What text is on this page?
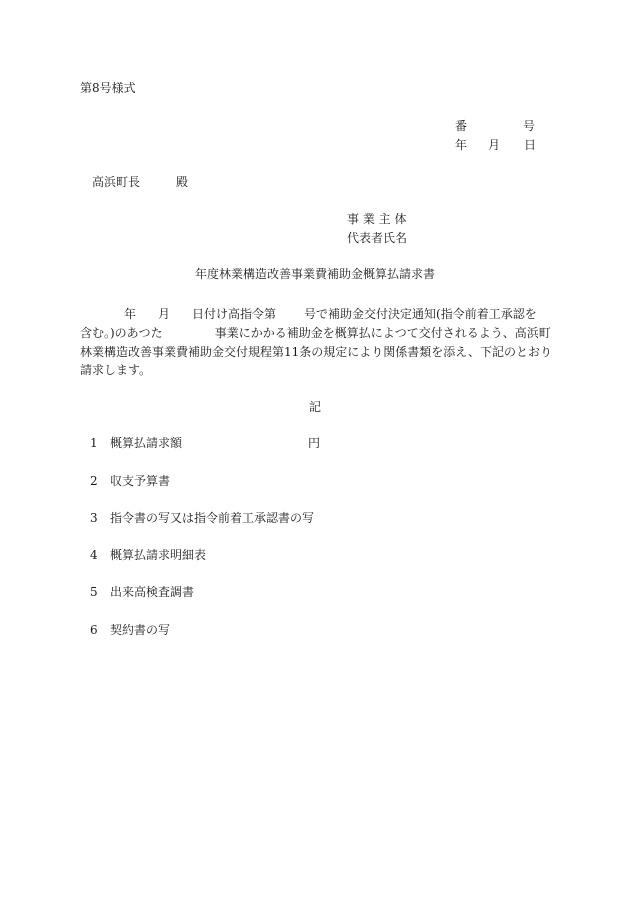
第8号様式
番	号
年 月 日
高浜町長	殿
事 業 主 体
代表者氏名
年度林業構造改善事業費補助金概算払請求書
年 月 日付け高指令第 号で補助金交付決定通知(指令前着工承認を
含む。)のあつた	事業にかかる補助金を概算払によつて交付されるよう、高浜町
林業構造改善事業費補助金交付規程第11条の規定により関係書類を添え、下記のとおり
請求します。
記
1 概算払請求額	円
2 収支予算書
3 指令書の写又は指令前着工承認書の写
4 概算払請求明細表
5 出来高検査調書
6 契約書の写
